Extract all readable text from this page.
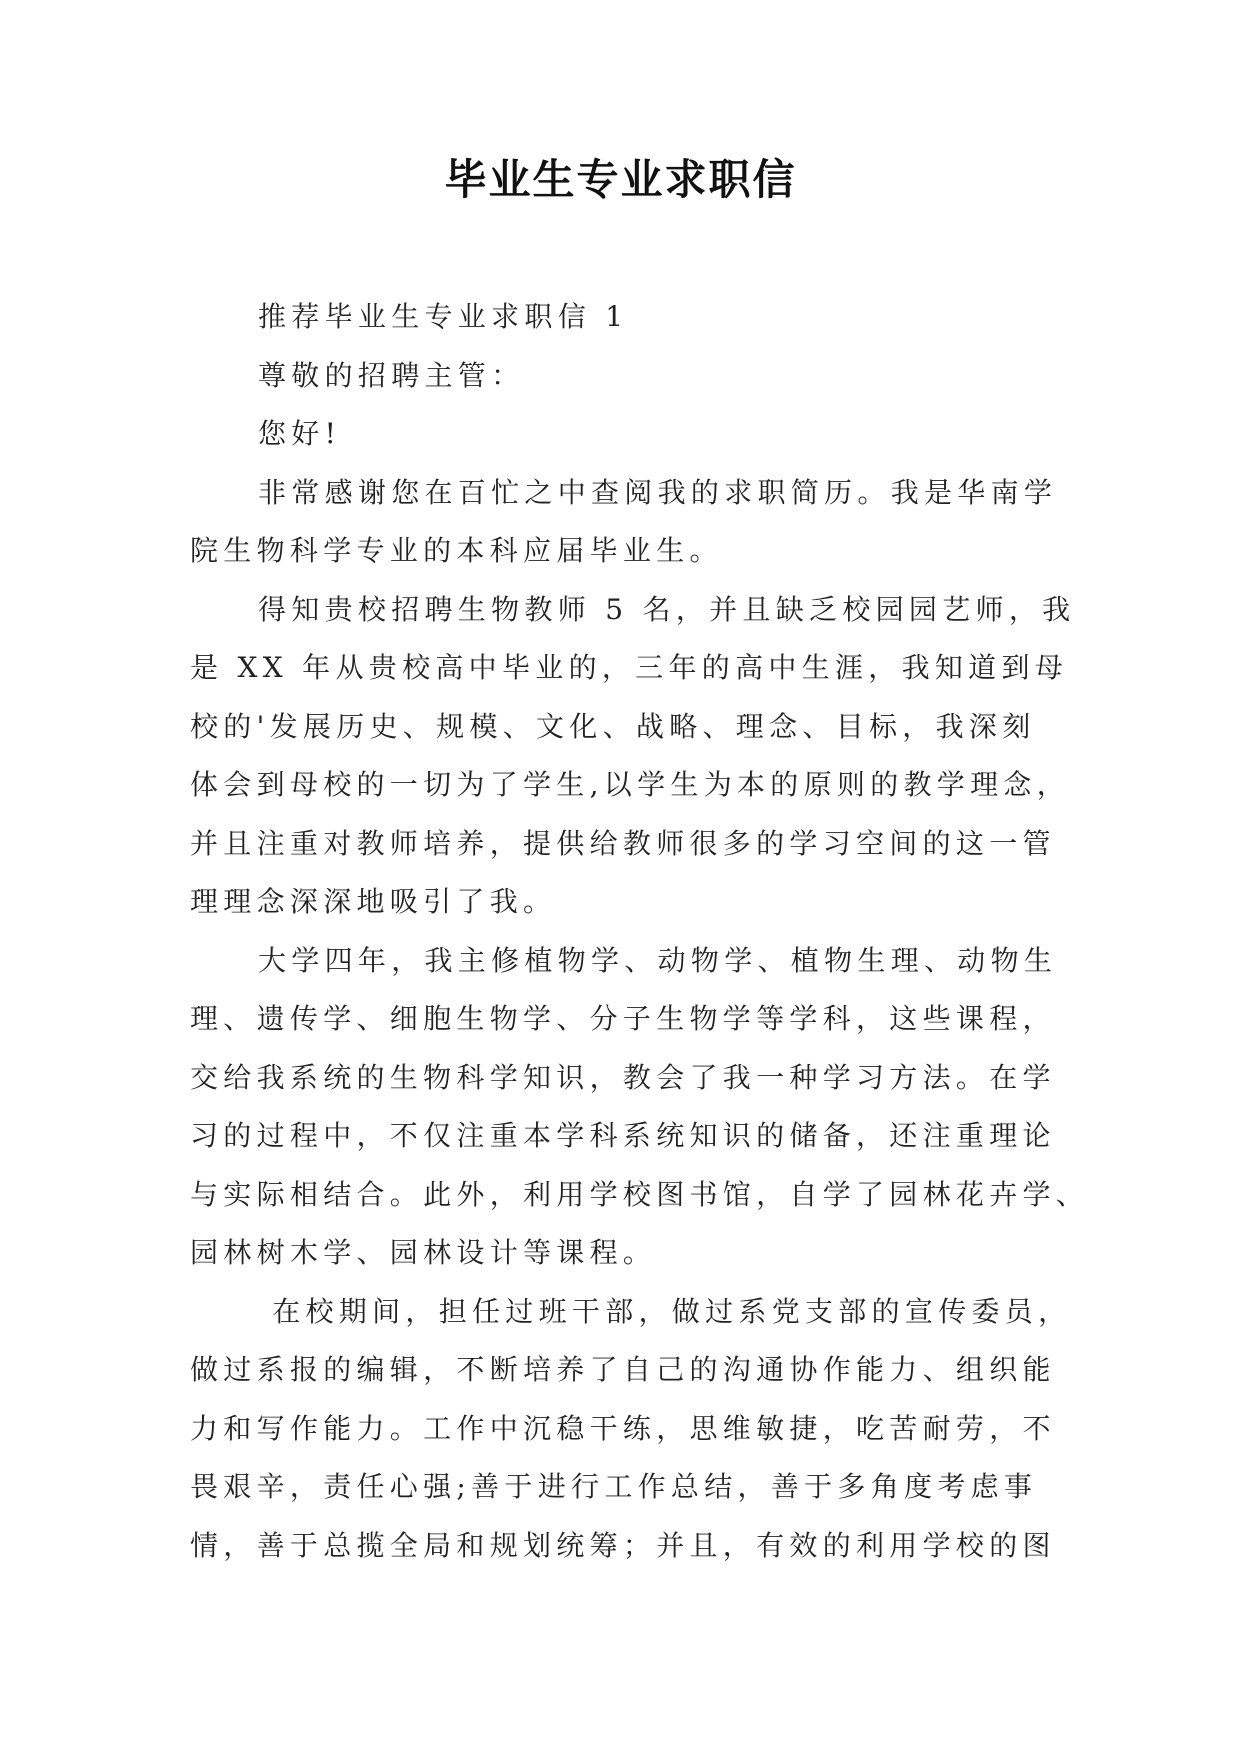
毕业生专业求职信
推荐毕业生专业求职信 1
尊敬的招聘主管：
您好!
非常感谢您在百忙之中查阅我的求职简历。我是华南学
院生物科学专业的本科应届毕业生。
得知贵校招聘生物教师 5 名，并且缺乏校园园艺师，我
是 XX 年从贵校高中毕业的，三年的高中生涯，我知道到母
校的'发展历史、规模、文化、战略、理念、目标，我深刻
体会到母校的一切为了学生,以学生为本的原则的教学理念，
并且注重对教师培养，提供给教师很多的学习空间的这一管
理理念深深地吸引了我。
大学四年，我主修植物学、动物学、植物生理、动物生
理、遗传学、细胞生物学、分子生物学等学科，这些课程，
交给我系统的生物科学知识，教会了我一种学习方法。在学
习的过程中，不仅注重本学科系统知识的储备，还注重理论
与实际相结合。此外，利用学校图书馆，自学了园林花卉学、
园林树木学、园林设计等课程。
在校期间，担任过班干部，做过系党支部的宣传委员，
做过系报的编辑，不断培养了自己的沟通协作能力、组织能
力和写作能力。工作中沉稳干练，思维敏捷，吃苦耐劳，不
畏艰辛，责任心强;善于进行工作总结，善于多角度考虑事
情，善于总揽全局和规划统筹；并且，有效的利用学校的图
